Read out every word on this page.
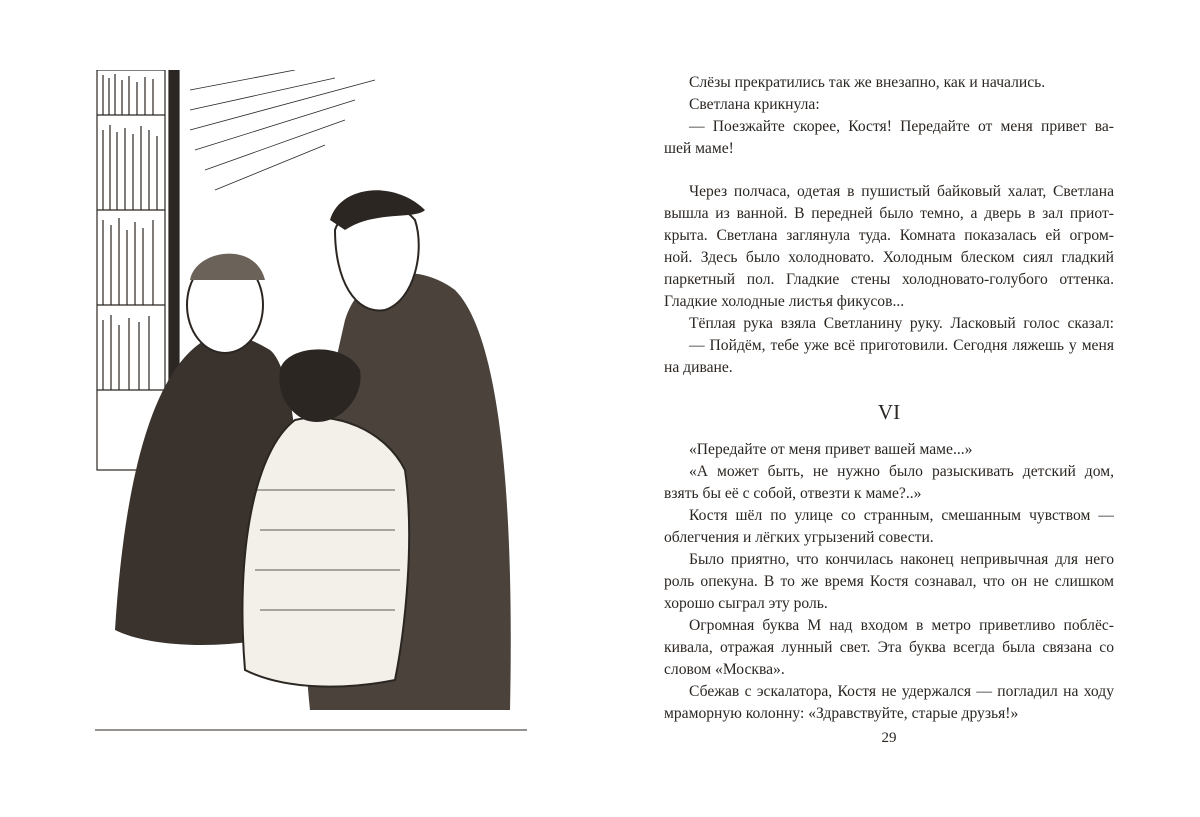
Слёзы прекратились так же внезапно, как и начались.
Светлана крикнула:
— Поезжайте скорее, Костя! Передайте от меня привет ва-
шей маме!
Через полчаса, одетая в пушистый байковый халат, Светлана
вышла из ванной. В передней было темно, а дверь в зал приот-
крыта. Светлана заглянула туда. Комната показалась ей огром-
ной. Здесь было холодновато. Холодным блеском сиял гладкий
паркетный пол. Гладкие стены холодновато-голубого оттенка.
Гладкие холодные листья фикусов...
Тёплая рука взяла Светланину руку. Ласковый голос сказал:
— Пойдём, тебе уже всё приготовили. Сегодня ляжешь у меня
на диване.
VI
«Передайте от меня привет вашей маме...»
«А может быть, не нужно было разыскивать детский дом,
взять бы её с собой, отвезти к маме?..»
Костя шёл по улице со странным, смешанным чувством —
облегчения и лёгких угрызений совести.
Было приятно, что кончилась наконец непривычная для него
роль опекуна. В то же время Костя сознавал, что он не слишком
хорошо сыграл эту роль.
Огромная буква М над входом в метро приветливо поблёс-
кивала, отражая лунный свет. Эта буква всегда была связана со
словом «Москва».
Сбежав с эскалатора, Костя не удержался — погладил на ходу
мраморную колонну: «Здравствуйте, старые друзья!»
29
